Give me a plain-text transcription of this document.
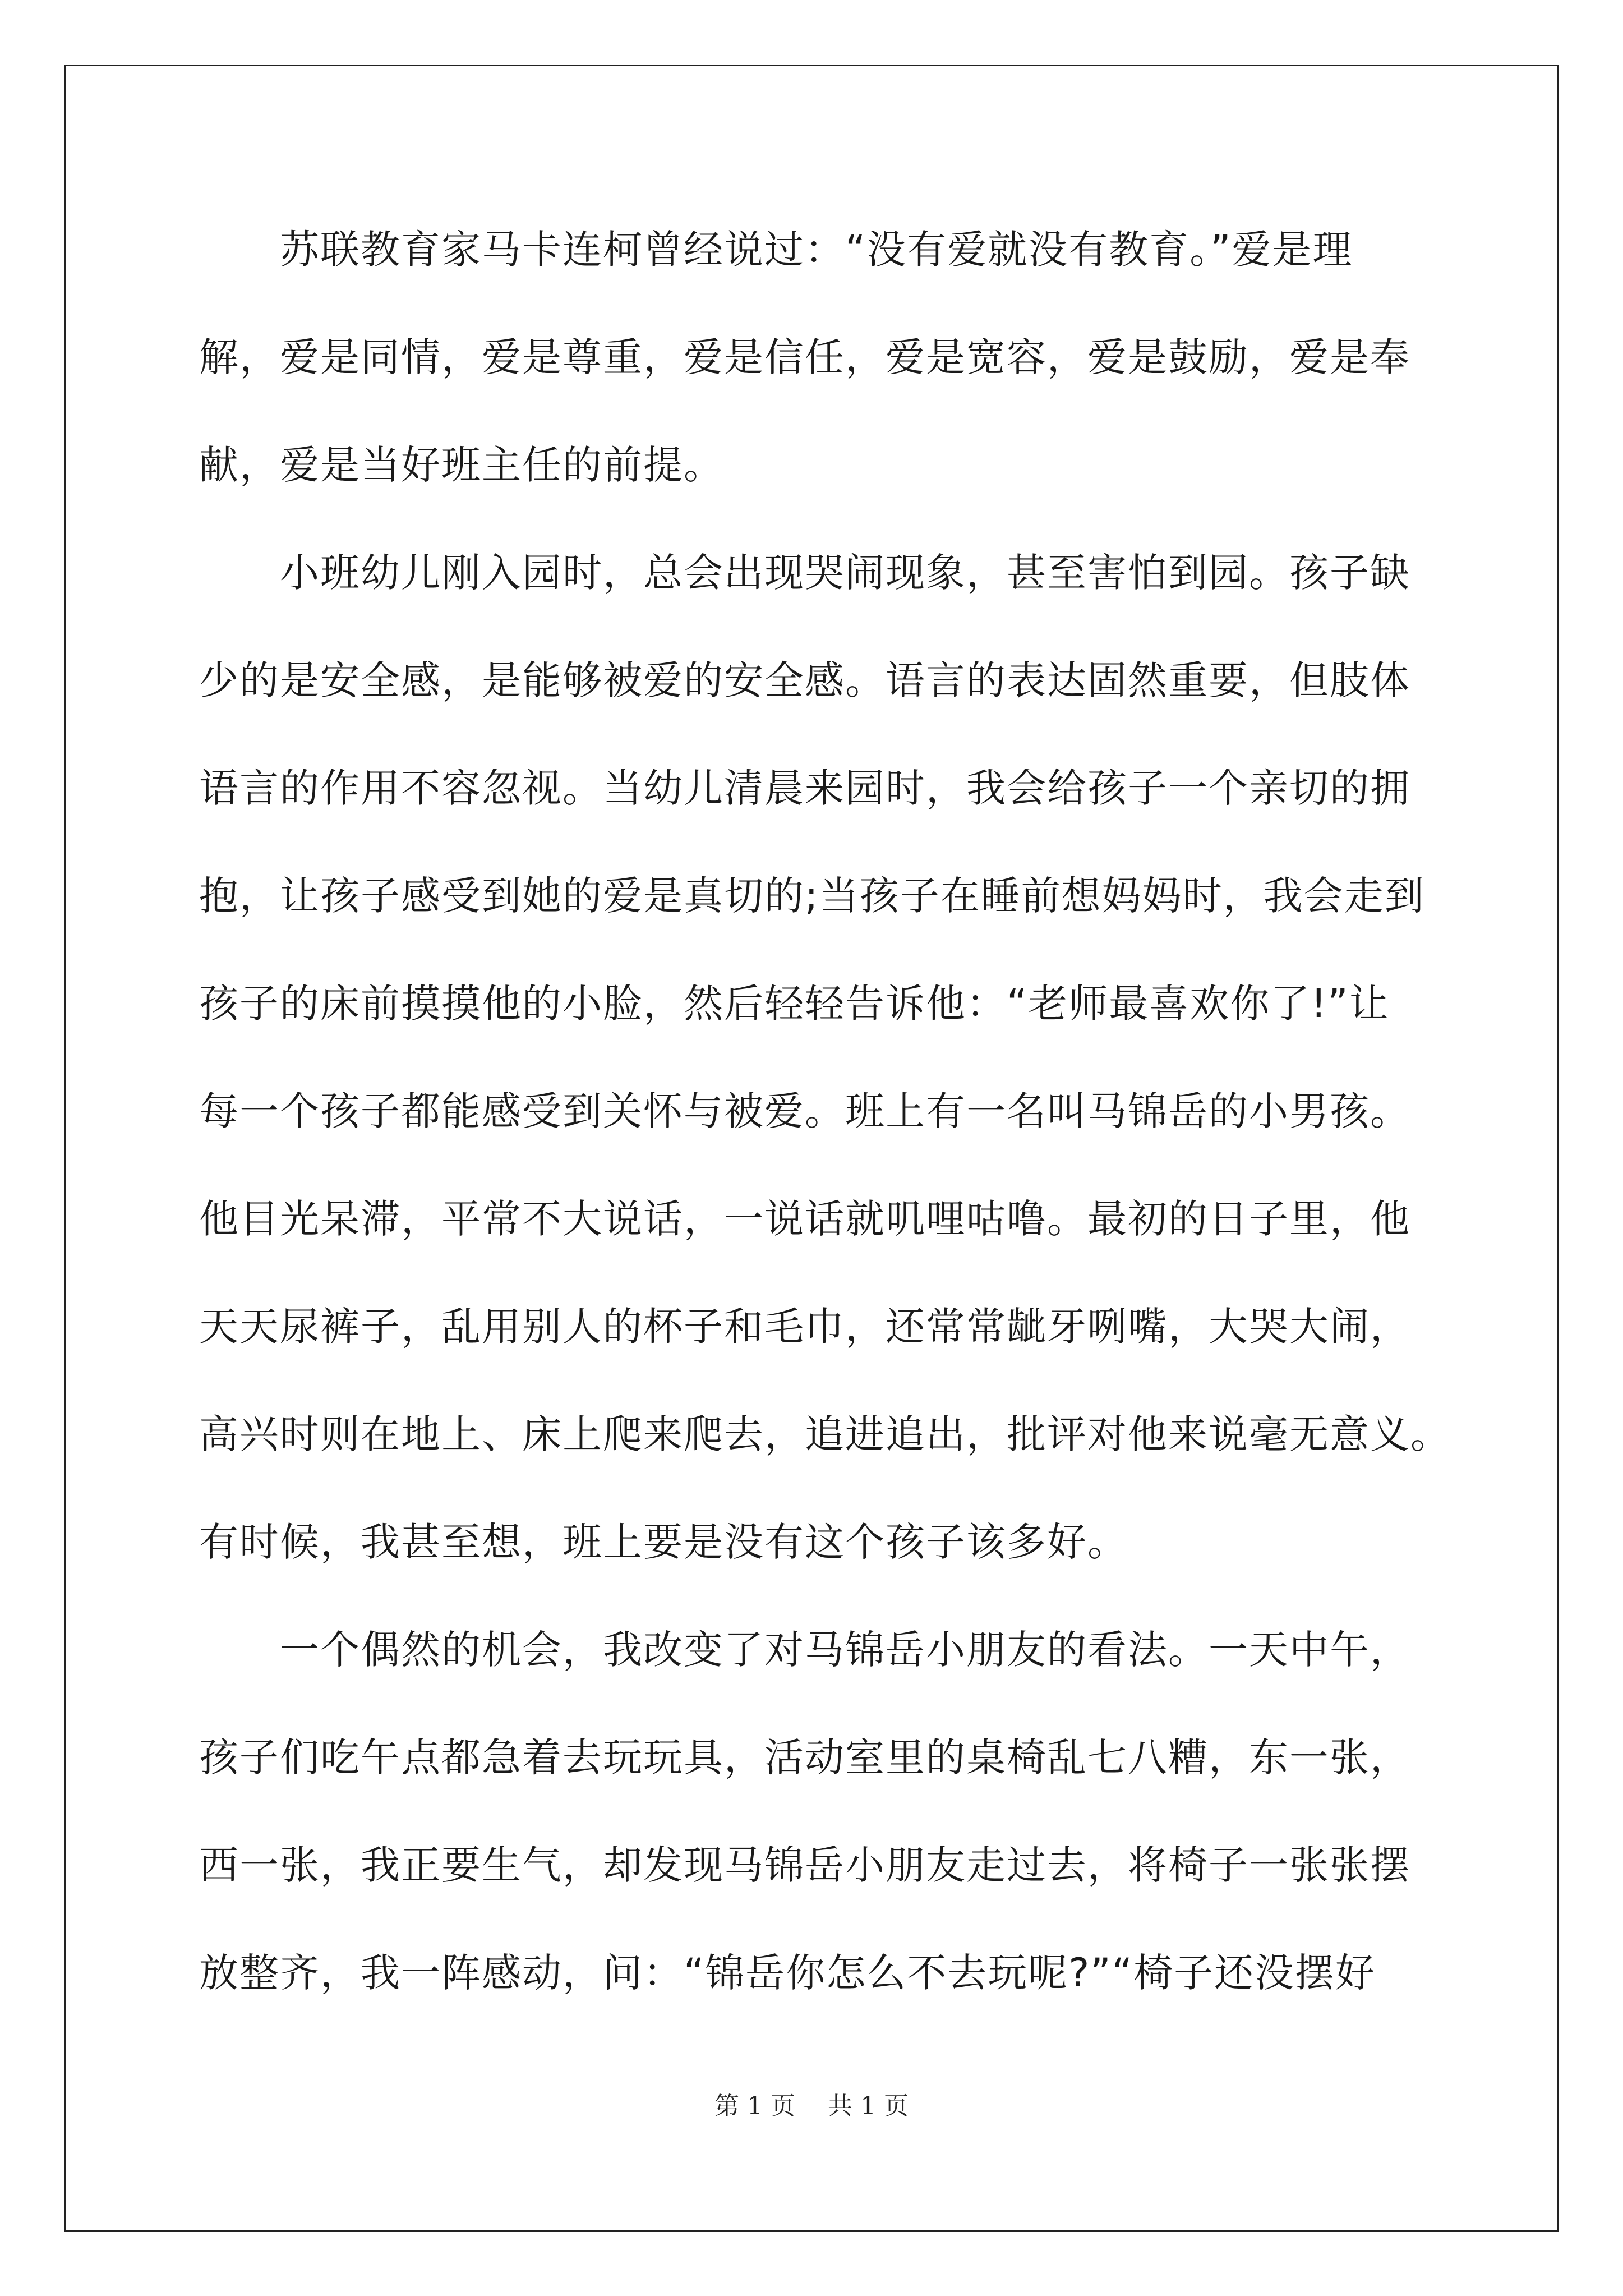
　　苏联教育家马卡连柯曾经说过：“没有爱就没有教育。”爱是理
解，爱是同情，爱是尊重，爱是信任，爱是宽容，爱是鼓励，爱是奉
献，爱是当好班主任的前提。
　　小班幼儿刚入园时，总会出现哭闹现象，甚至害怕到园。孩子缺
少的是安全感，是能够被爱的安全感。语言的表达固然重要，但肢体
语言的作用不容忽视。当幼儿清晨来园时，我会给孩子一个亲切的拥
抱，让孩子感受到她的爱是真切的;当孩子在睡前想妈妈时，我会走到
孩子的床前摸摸他的小脸，然后轻轻告诉他：“老师最喜欢你了!”让
每一个孩子都能感受到关怀与被爱。班上有一名叫马锦岳的小男孩。
他目光呆滞，平常不大说话，一说话就叽哩咕噜。最初的日子里，他
天天尿裤子，乱用别人的杯子和毛巾，还常常龇牙咧嘴，大哭大闹，
高兴时则在地上、床上爬来爬去，追进追出，批评对他来说毫无意义。
有时候，我甚至想，班上要是没有这个孩子该多好。
　　一个偶然的机会，我改变了对马锦岳小朋友的看法。一天中午，
孩子们吃午点都急着去玩玩具，活动室里的桌椅乱七八糟，东一张，
西一张，我正要生气，却发现马锦岳小朋友走过去，将椅子一张张摆
放整齐，我一阵感动，问：“锦岳你怎么不去玩呢?”“椅子还没摆好
第 1 页　 共 1 页
